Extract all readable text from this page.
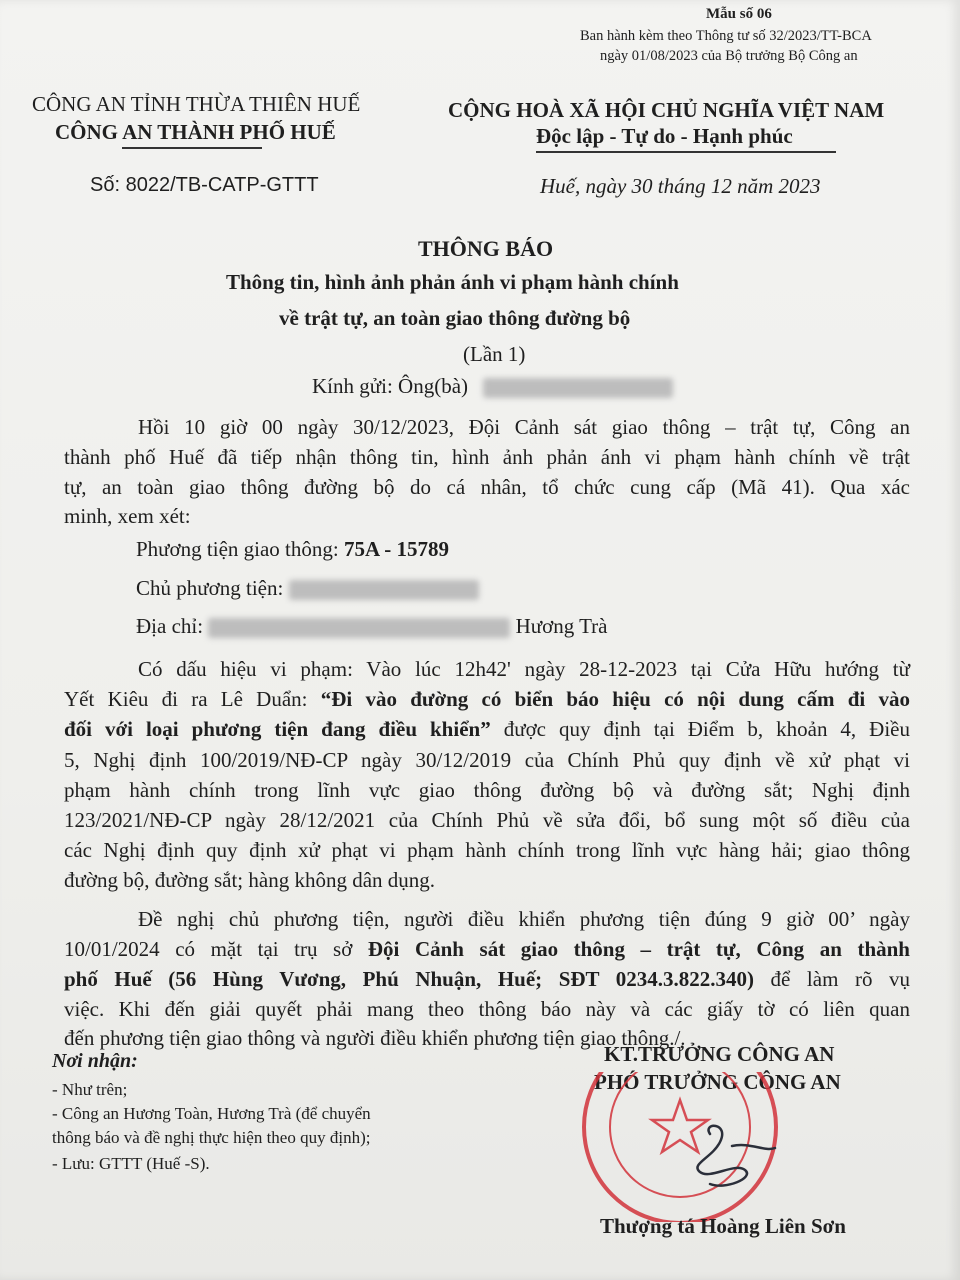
Mẫu số 06
Ban hành kèm theo Thông tư số 32/2023/TT-BCA
ngày 01/08/2023 của Bộ trưởng Bộ Công an
CÔNG AN TỈNH THỪA THIÊN HUẾ
CÔNG AN THÀNH PHỐ HUẾ
Số: 8022/TB-CATP-GTTT
CỘNG HOÀ XÃ HỘI CHỦ NGHĨA VIỆT NAM
Độc lập - Tự do - Hạnh phúc
Huế, ngày 30 tháng 12 năm 2023
THÔNG BÁO
Thông tin, hình ảnh phản ánh vi phạm hành chính
về trật tự, an toàn giao thông đường bộ
(Lần 1)
Kính gửi: Ông(bà)
Hồi 10 giờ 00 ngày 30/12/2023, Đội Cảnh sát giao thông – trật tự, Công an
thành phố Huế đã tiếp nhận thông tin, hình ảnh phản ánh vi phạm hành chính về trật
tự, an toàn giao thông đường bộ do cá nhân, tổ chức cung cấp (Mã 41). Qua xác
minh, xem xét:
Phương tiện giao thông: 75A - 15789
Chủ phương tiện:
Địa chỉ:	Hương Trà
Có dấu hiệu vi phạm: Vào lúc 12h42' ngày 28-12-2023 tại Cửa Hữu hướng từ
Yết Kiêu đi ra Lê Duẩn: “Đi vào đường có biển báo hiệu có nội dung cấm đi vào
đối với loại phương tiện đang điều khiển” được quy định tại Điểm b, khoản 4, Điều
5, Nghị định 100/2019/NĐ-CP ngày 30/12/2019 của Chính Phủ quy định về xử phạt vi
phạm hành chính trong lĩnh vực giao thông đường bộ và đường sắt; Nghị định
123/2021/NĐ-CP ngày 28/12/2021 của Chính Phủ về sửa đổi, bổ sung một số điều của
các Nghị định quy định xử phạt vi phạm hành chính trong lĩnh vực hàng hải; giao thông
đường bộ, đường sắt; hàng không dân dụng.
Đề nghị chủ phương tiện, người điều khiển phương tiện đúng 9 giờ 00’ ngày
10/01/2024 có mặt tại trụ sở Đội Cảnh sát giao thông – trật tự, Công an thành
phố Huế (56 Hùng Vương, Phú Nhuận, Huế; SĐT 0234.3.822.340) để làm rõ vụ
việc. Khi đến giải quyết phải mang theo thông báo này và các giấy tờ có liên quan
đến phương tiện giao thông và người điều khiển phương tiện giao thông./.
Nơi nhận:
- Như trên;
- Công an Hương Toàn, Hương Trà (để chuyển
thông báo và đề nghị thực hiện theo quy định);
- Lưu: GTTT (Huế -S).
KT.TRƯỞNG CÔNG AN
PHÓ TRƯỞNG CÔNG AN
Thượng tá Hoàng Liên Sơn
